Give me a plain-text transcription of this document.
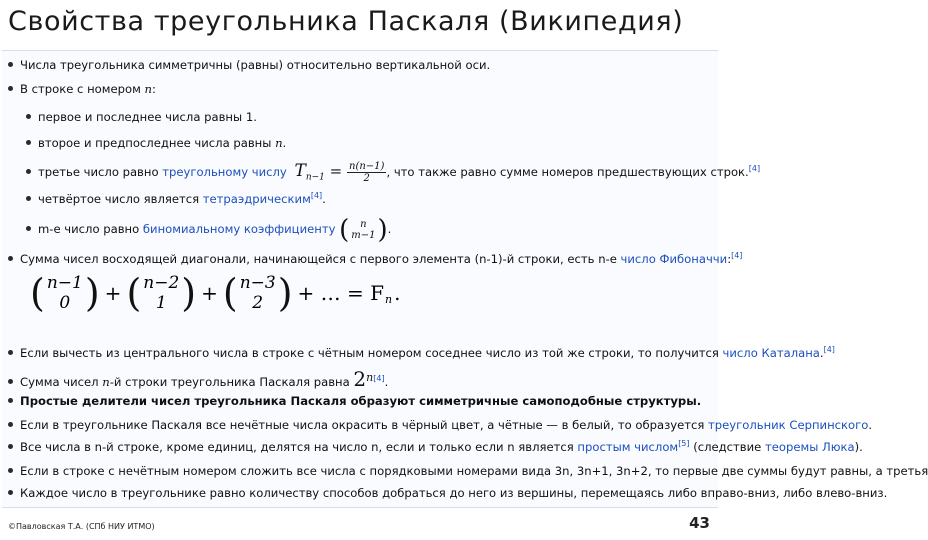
Свойства треугольника Паскаля (Википедия)
Числа треугольника симметричны (равны) относительно вертикальной оси.
В строке с номером n:
первое и последнее числа равны 1.
второе и предпоследнее числа равны n.
третье число равно треугольному числу $T_{n-1} = \frac{n(n-1)}{2}$ , что также равно сумме номеров предшествующих строк.[4]
четвёртое число является тетраэдрическим[4].
m-е число равно биномиальному коэффициенту ( n
m−1 ) .
Сумма чисел восходящей диагонали, начинающейся с первого элемента (n-1)-й строки, есть n-е число Фибоначчи:[4]
( n−1
0 ) + ( n−2
1 ) + ( n−3
2 ) + … = F n .
Если вычесть из центрального числа в строке с чётным номером соседнее число из той же строки, то получится число Каталана.[4]
Сумма чисел n-й строки треугольника Паскаля равна $2^{n[4]}$.
Простые делители чисел треугольника Паскаля образуют симметричные самоподобные структуры.
Если в треугольнике Паскаля все нечётные числа окрасить в чёрный цвет, а чётные — в белый, то образуется треугольник Серпинского.
Все числа в n-й строке, кроме единиц, делятся на число n, если и только если n является простым числом[5] (следствие теоремы Люка).
Если в строке с нечётным номером сложить все числа с порядковыми номерами вида 3n, 3n+1, 3n+2, то первые две суммы будут равны, а третья
Каждое число в треугольнике равно количеству способов добраться до него из вершины, перемещаясь либо вправо-вниз, либо влево-вниз.
©Павловская Т.А. (СПб НИУ ИТМО)	43
